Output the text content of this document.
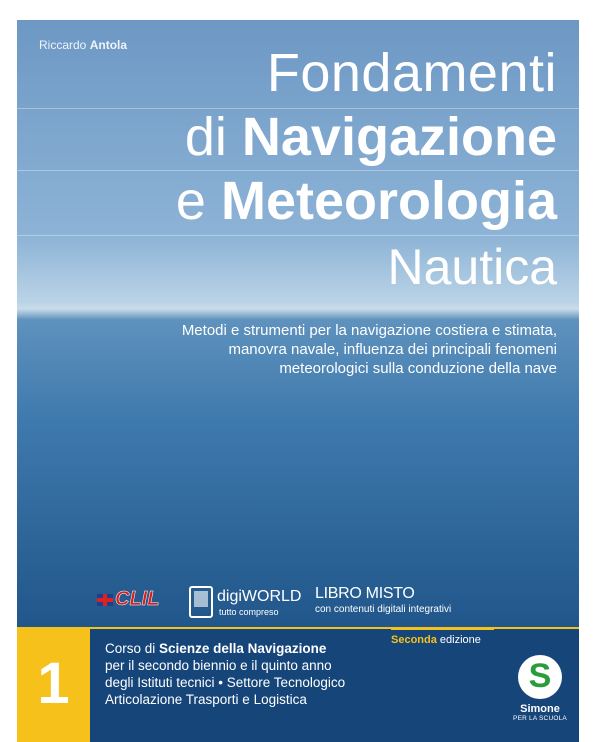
Riccardo Antola	Fondamenti
di Navigazione
e Meteorologia
Nautica
Metodi e strumenti per la navigazione costiera e stimata,
manovra navale, influenza dei principali fenomeni
meteorologici sulla conduzione della nave
CLIL	digiWORLD
tutto compreso
LIBRO MISTO
con contenuti digitali integrativi
1
Corso di Scienze della Navigazione
per il secondo biennio e il quinto anno
degli Istituti tecnici • Settore Tecnologico
Articolazione Trasporti e Logistica
Seconda edizione
S
Simone
PER LA SCUOLA
